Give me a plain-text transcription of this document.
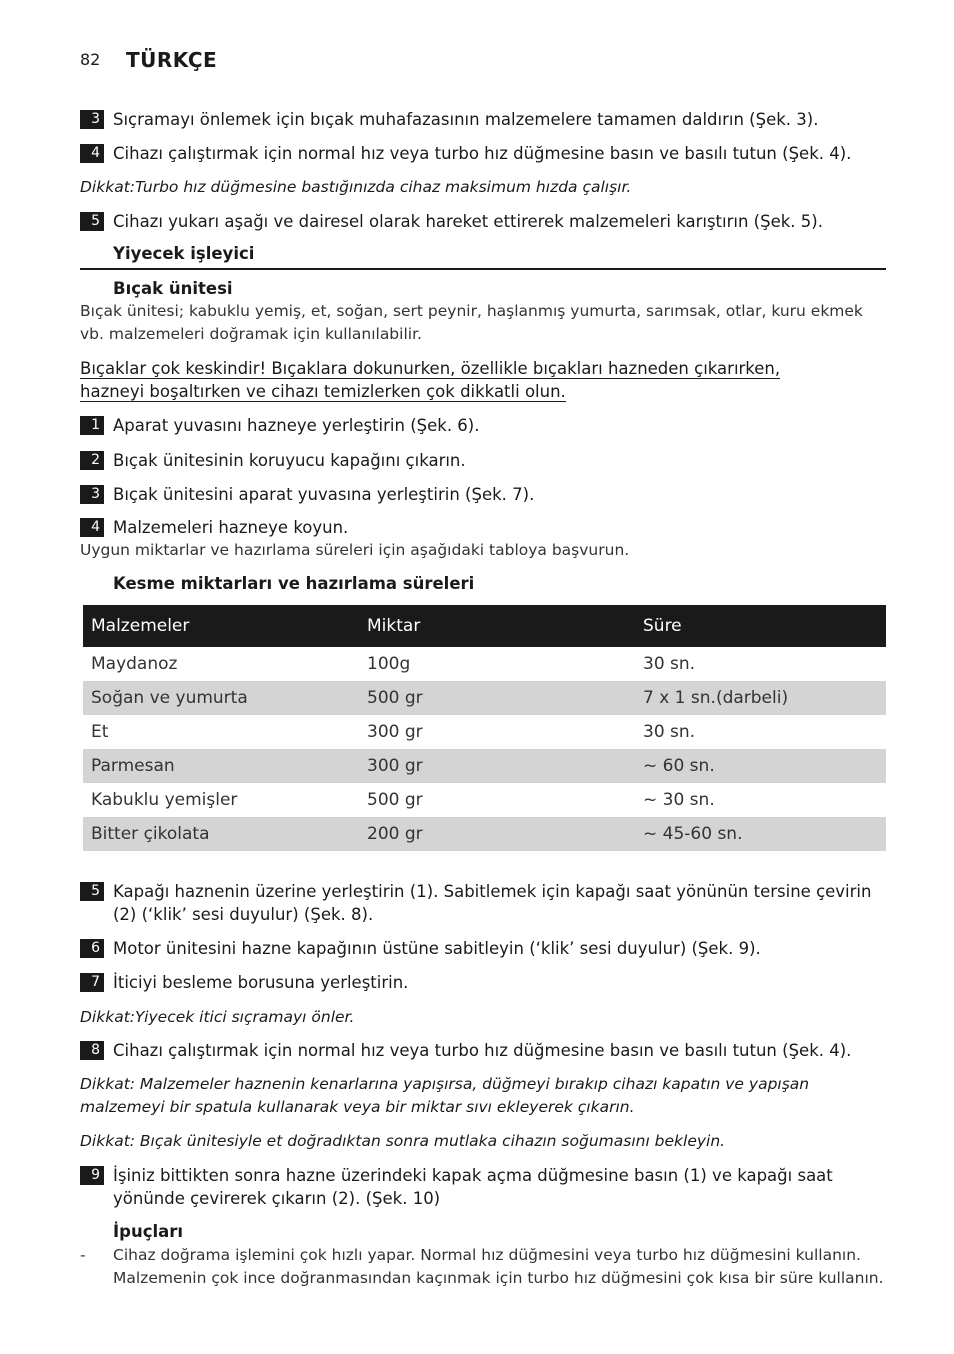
82 TÜRKÇE
3 Sıçramayı önlemek için bıçak muhafazasının malzemelere tamamen daldırın (Şek. 3).
4 Cihazı çalıştırmak için normal hız veya turbo hız düğmesine basın ve basılı tutun (Şek. 4).
Dikkat:Turbo hız düğmesine bastığınızda cihaz maksimum hızda çalışır.
5 Cihazı yukarı aşağı ve dairesel olarak hareket ettirerek malzemeleri karıştırın (Şek. 5).
Yiyecek işleyici
Bıçak ünitesi
Bıçak ünitesi; kabuklu yemiş, et, soğan, sert peynir, haşlanmış yumurta, sarımsak, otlar, kuru ekmek vb. malzemeleri doğramak için kullanılabilir.
Bıçaklar çok keskindir! Bıçaklara dokunurken, özellikle bıçakları hazneden çıkarırken, hazneyi boşaltırken ve cihazı temizlerken çok dikkatli olun.
1 Aparat yuvasını hazneye yerleştirin (Şek. 6).
2 Bıçak ünitesinin koruyucu kapağını çıkarın.
3 Bıçak ünitesini aparat yuvasına yerleştirin (Şek. 7).
4 Malzemeleri hazneye koyun.
Uygun miktarlar ve hazırlama süreleri için aşağıdaki tabloya başvurun.
Kesme miktarları ve hazırlama süreleri
Malzemeler	Miktar	Süre
Maydanoz	100g	30 sn.
Soğan ve yumurta	500 gr	7 x 1 sn.(darbeli)
Et	300 gr	30 sn.
Parmesan	300 gr	~ 60 sn.
Kabuklu yemişler	500 gr	~ 30 sn.
Bitter çikolata	200 gr	~ 45-60 sn.
5 Kapağı haznenin üzerine yerleştirin (1). Sabitlemek için kapağı saat yönünün tersine çevirin (2) (‘klik’ sesi duyulur) (Şek. 8).
6 Motor ünitesini hazne kapağının üstüne sabitleyin (‘klik’ sesi duyulur) (Şek. 9).
7 İticiyi besleme borusuna yerleştirin.
Dikkat:Yiyecek itici sıçramayı önler.
8 Cihazı çalıştırmak için normal hız veya turbo hız düğmesine basın ve basılı tutun (Şek. 4).
Dikkat: Malzemeler haznenin kenarlarına yapışırsa, düğmeyi bırakıp cihazı kapatın ve yapışan malzemeyi bir spatula kullanarak veya bir miktar sıvı ekleyerek çıkarın.
Dikkat: Bıçak ünitesiyle et doğradıktan sonra mutlaka cihazın soğumasını bekleyin.
9 İşiniz bittikten sonra hazne üzerindeki kapak açma düğmesine basın (1) ve kapağı saat yönünde çevirerek çıkarın (2). (Şek. 10)
İpuçları
-	Cihaz doğrama işlemini çok hızlı yapar. Normal hız düğmesini veya turbo hız düğmesini kullanın. Malzemenin çok ince doğranmasından kaçınmak için turbo hız düğmesini çok kısa bir süre kullanın.
